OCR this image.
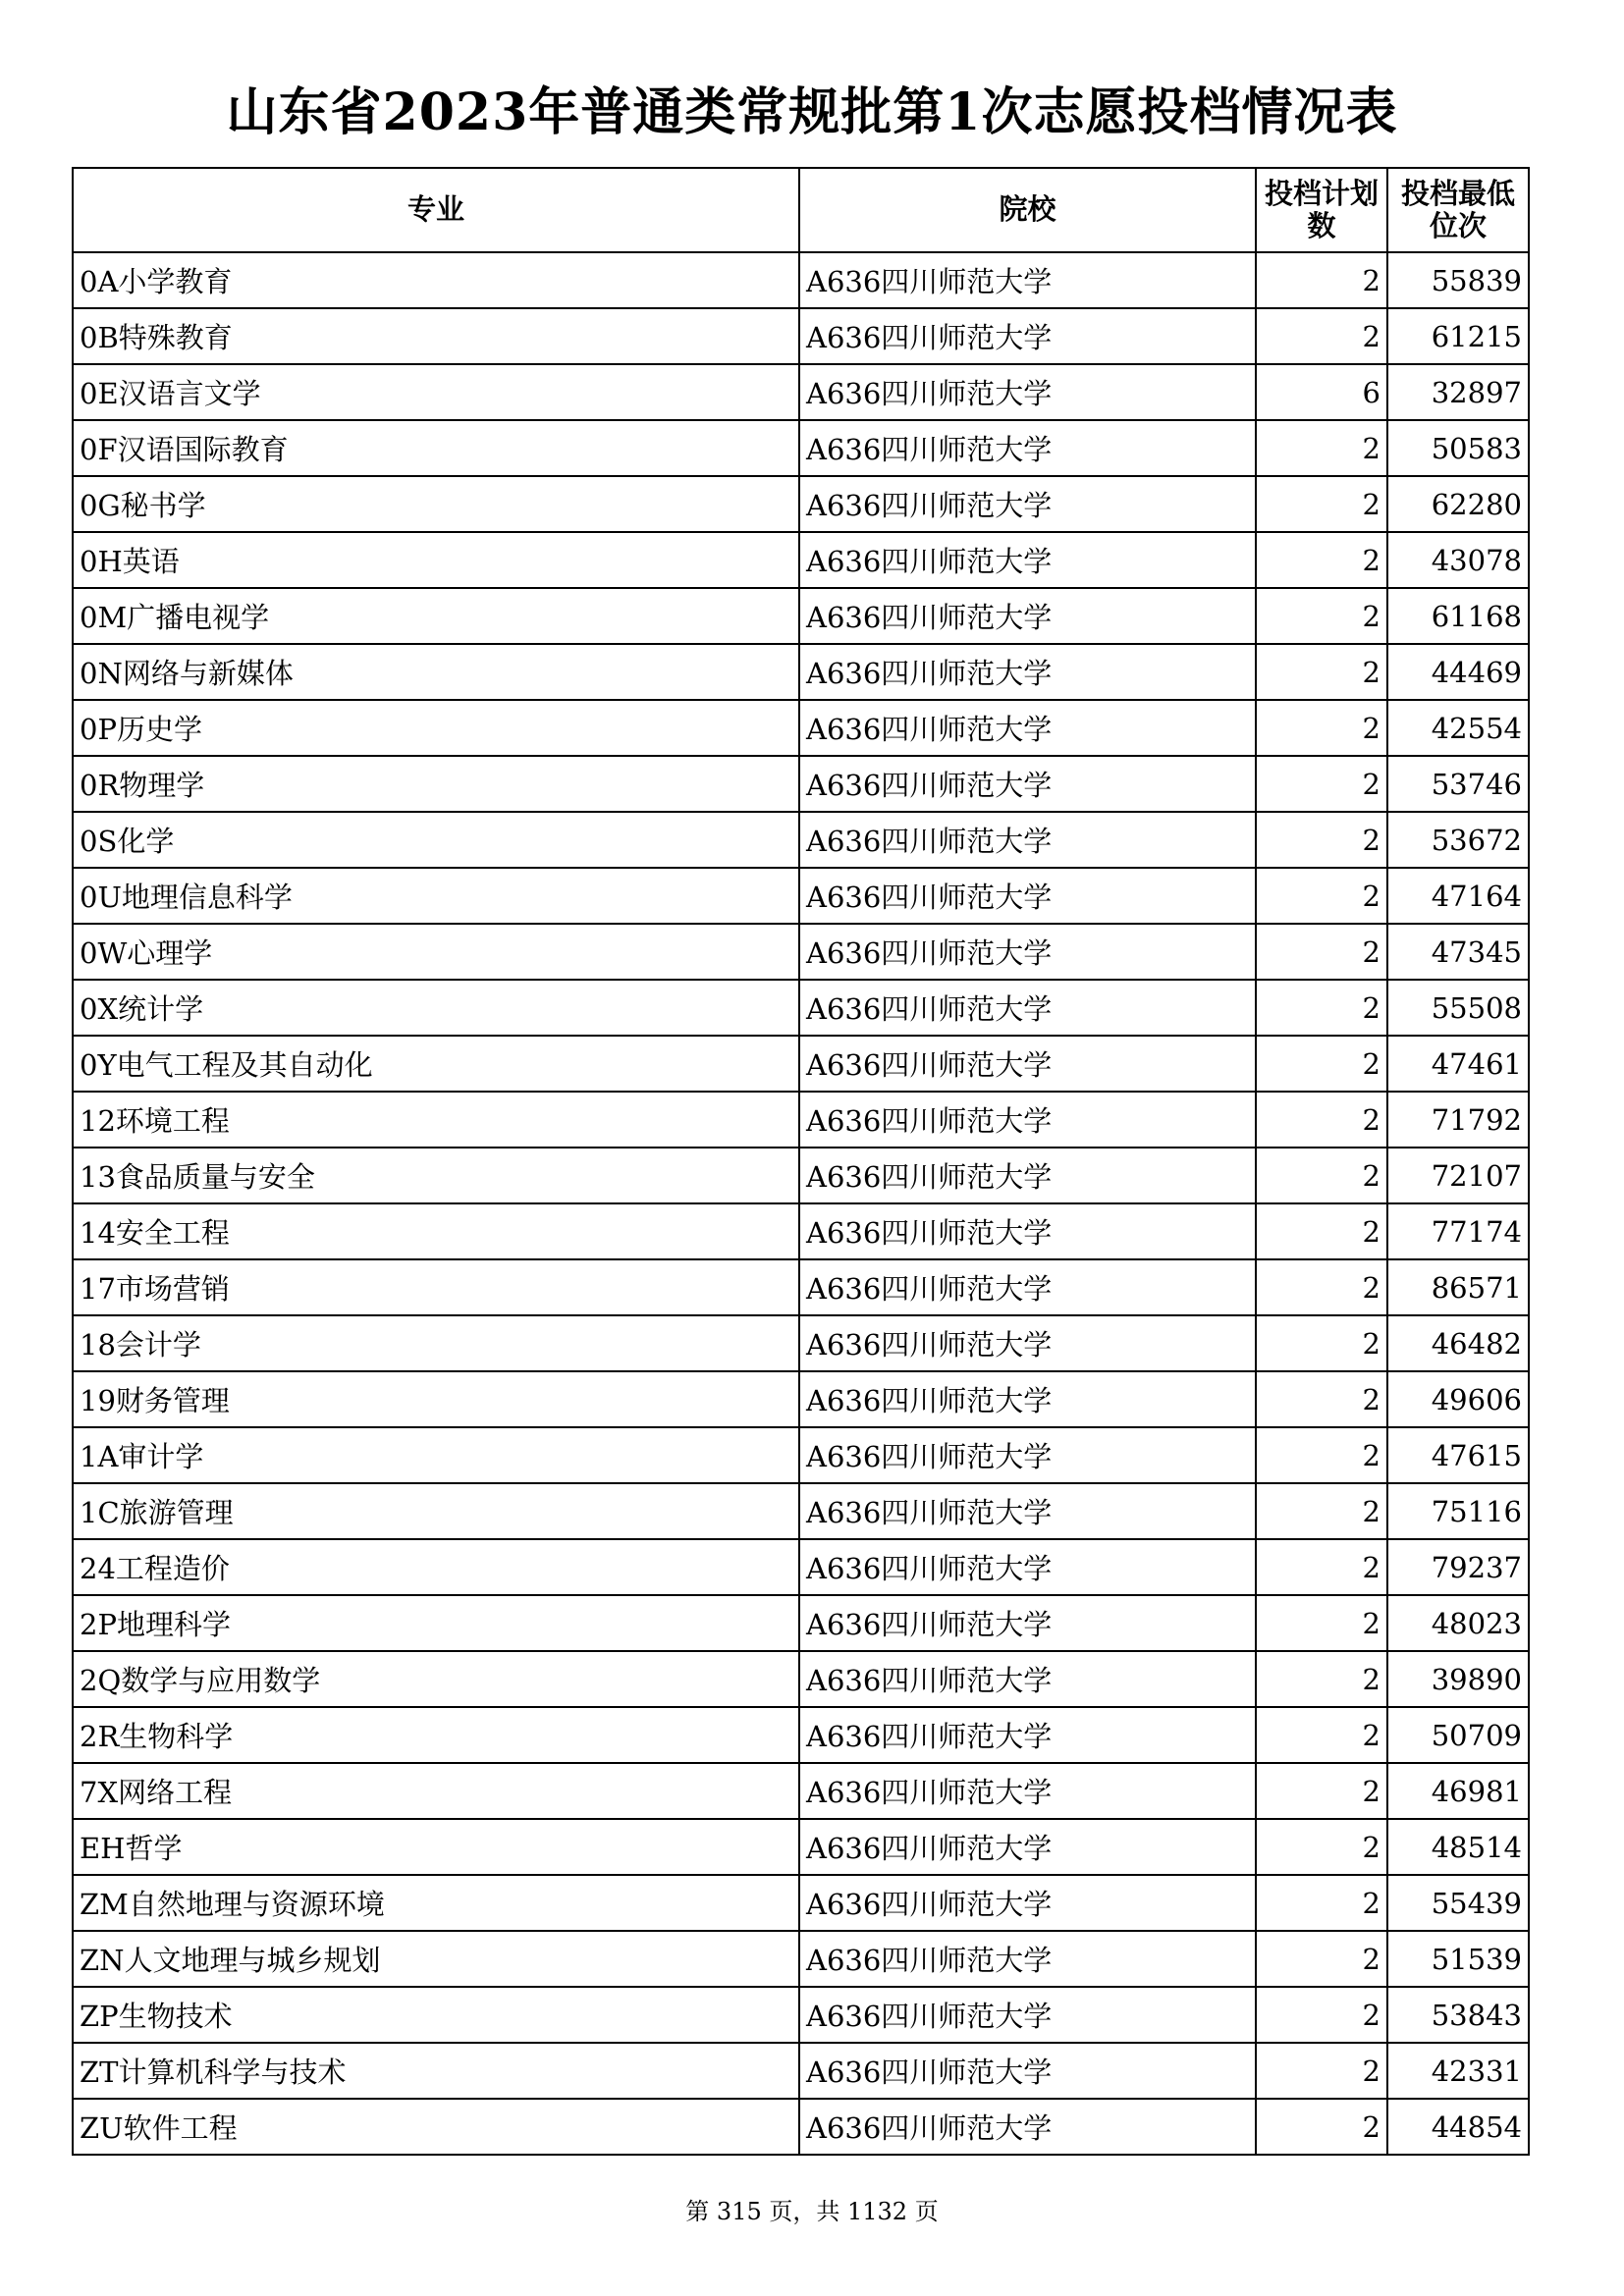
山东省2023年普通类常规批第1次志愿投档情况表
专业	院校	投档计划数	投档最低位次
0A小学教育	A636四川师范大学	2	55839
0B特殊教育	A636四川师范大学	2	61215
0E汉语言文学	A636四川师范大学	6	32897
0F汉语国际教育	A636四川师范大学	2	50583
0G秘书学	A636四川师范大学	2	62280
0H英语	A636四川师范大学	2	43078
0M广播电视学	A636四川师范大学	2	61168
0N网络与新媒体	A636四川师范大学	2	44469
0P历史学	A636四川师范大学	2	42554
0R物理学	A636四川师范大学	2	53746
0S化学	A636四川师范大学	2	53672
0U地理信息科学	A636四川师范大学	2	47164
0W心理学	A636四川师范大学	2	47345
0X统计学	A636四川师范大学	2	55508
0Y电气工程及其自动化	A636四川师范大学	2	47461
12环境工程	A636四川师范大学	2	71792
13食品质量与安全	A636四川师范大学	2	72107
14安全工程	A636四川师范大学	2	77174
17市场营销	A636四川师范大学	2	86571
18会计学	A636四川师范大学	2	46482
19财务管理	A636四川师范大学	2	49606
1A审计学	A636四川师范大学	2	47615
1C旅游管理	A636四川师范大学	2	75116
24工程造价	A636四川师范大学	2	79237
2P地理科学	A636四川师范大学	2	48023
2Q数学与应用数学	A636四川师范大学	2	39890
2R生物科学	A636四川师范大学	2	50709
7X网络工程	A636四川师范大学	2	46981
EH哲学	A636四川师范大学	2	48514
ZM自然地理与资源环境	A636四川师范大学	2	55439
ZN人文地理与城乡规划	A636四川师范大学	2	51539
ZP生物技术	A636四川师范大学	2	53843
ZT计算机科学与技术	A636四川师范大学	2	42331
ZU软件工程	A636四川师范大学	2	44854
第 315 页，共 1132 页
